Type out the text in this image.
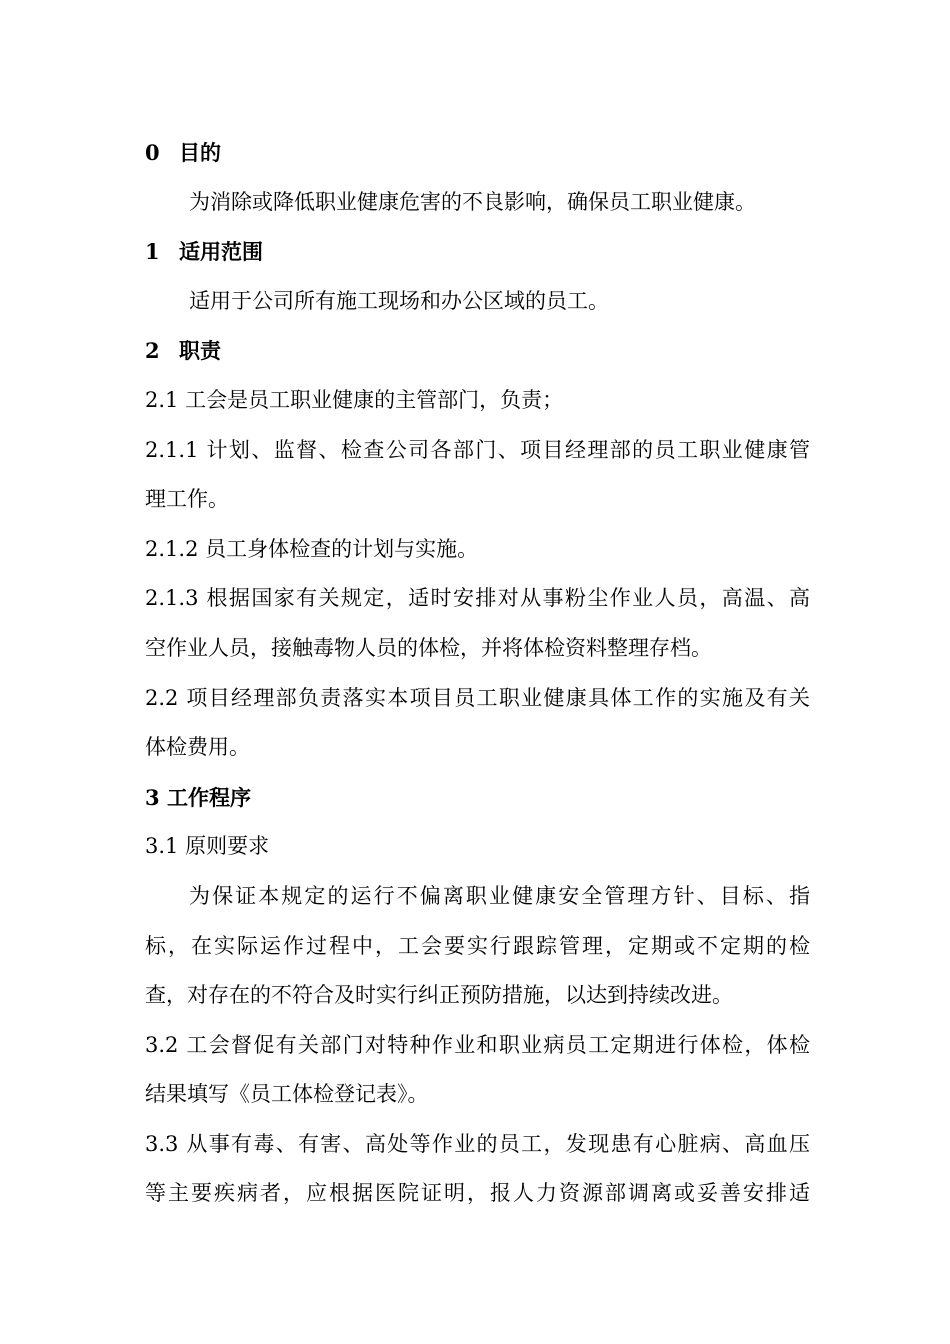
0 目的
为消除或降低职业健康危害的不良影响，确保员工职业健康。
1 适用范围
适用于公司所有施工现场和办公区域的员工。
2 职责
2.1 工会是员工职业健康的主管部门，负责；
2.1.1 计划、监督、检查公司各部门、项目经理部的员工职业健康管
理工作。
2.1.2 员工身体检查的计划与实施。
2.1.3 根据国家有关规定，适时安排对从事粉尘作业人员，高温、高
空作业人员，接触毒物人员的体检，并将体检资料整理存档。
2.2 项目经理部负责落实本项目员工职业健康具体工作的实施及有关
体检费用。
3 工作程序
3.1 原则要求
为保证本规定的运行不偏离职业健康安全管理方针、目标、指
标，在实际运作过程中，工会要实行跟踪管理，定期或不定期的检
查，对存在的不符合及时实行纠正预防措施，以达到持续改进。
3.2 工会督促有关部门对特种作业和职业病员工定期进行体检，体检
结果填写《员工体检登记表》。
3.3 从事有毒、有害、高处等作业的员工，发现患有心脏病、高血压
等主要疾病者，应根据医院证明，报人力资源部调离或妥善安排适
